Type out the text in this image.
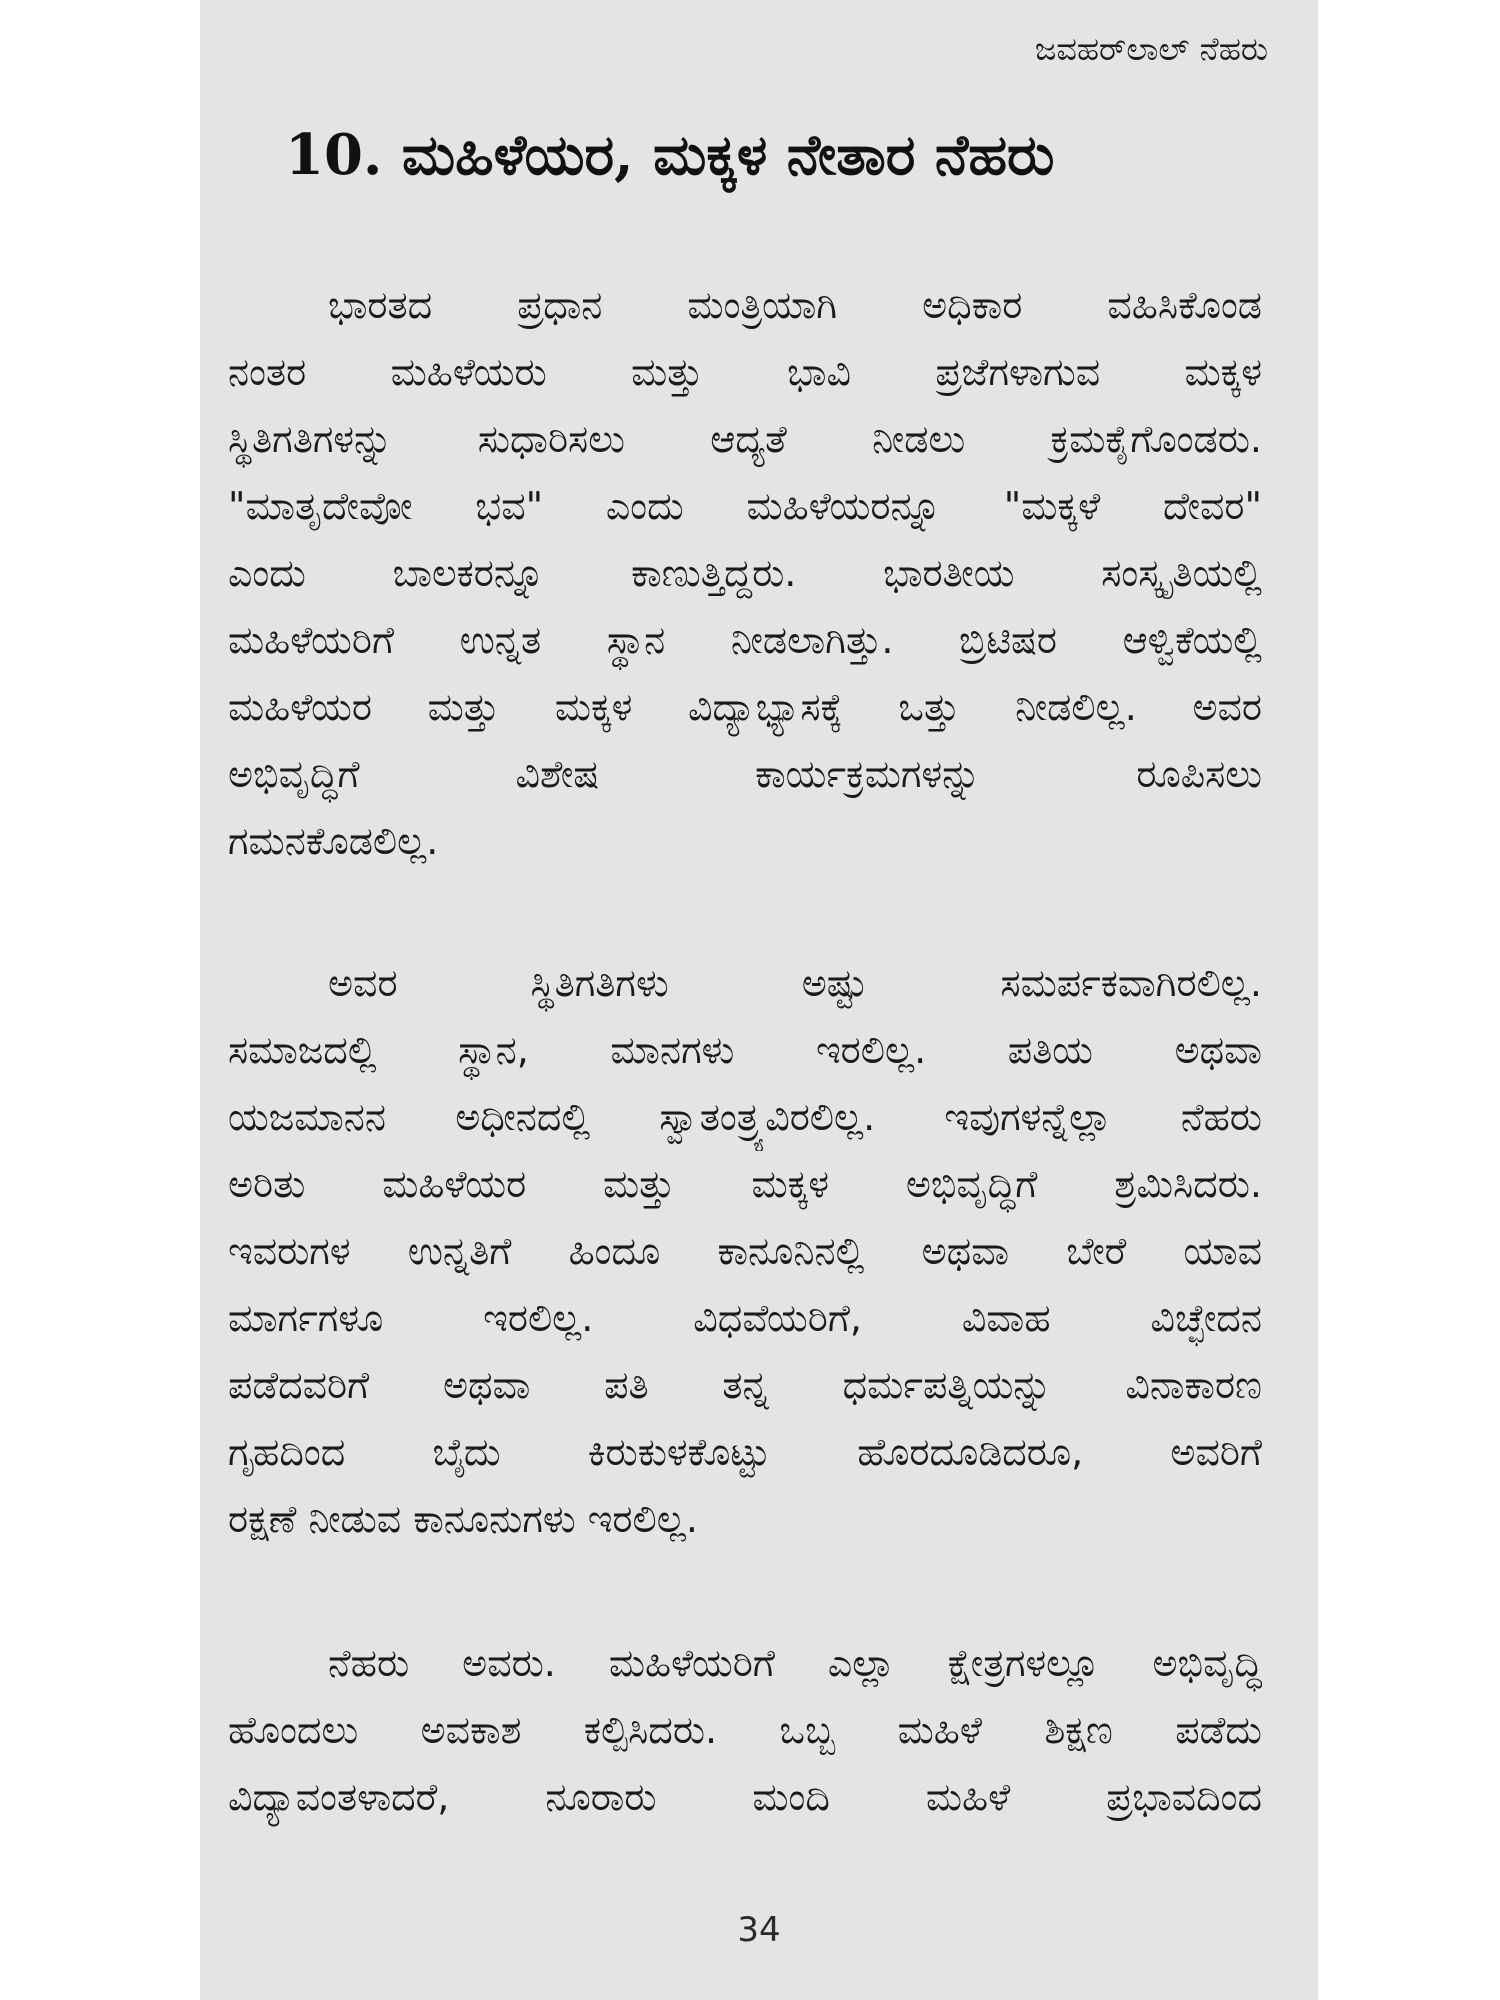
ಜವಹರ್‌ಲಾಲ್ ನೆಹರು
10. ಮಹಿಳೆಯರ, ಮಕ್ಕಳ ನೇತಾರ ನೆಹರು
ಭಾರತದ ಪ್ರಧಾನ ಮಂತ್ರಿಯಾಗಿ ಅಧಿಕಾರ ವಹಿಸಿಕೊಂಡ
ನಂತರ ಮಹಿಳೆಯರು ಮತ್ತು ಭಾವಿ ಪ್ರಜೆಗಳಾಗುವ ಮಕ್ಕಳ
ಸ್ಥಿತಿಗತಿಗಳನ್ನು ಸುಧಾರಿಸಲು ಆದ್ಯತೆ ನೀಡಲು ಕ್ರಮಕೈಗೊಂಡರು.
"ಮಾತೃದೇವೋ ಭವ" ಎಂದು ಮಹಿಳೆಯರನ್ನೂ "ಮಕ್ಕಳೆ ದೇವರ"
ಎಂದು ಬಾಲಕರನ್ನೂ ಕಾಣುತ್ತಿದ್ದರು. ಭಾರತೀಯ ಸಂಸ್ಕೃತಿಯಲ್ಲಿ
ಮಹಿಳೆಯರಿಗೆ ಉನ್ನತ ಸ್ಥಾನ ನೀಡಲಾಗಿತ್ತು. ಬ್ರಿಟಿಷರ ಆಳ್ವಿಕೆಯಲ್ಲಿ
ಮಹಿಳೆಯರ ಮತ್ತು ಮಕ್ಕಳ ವಿದ್ಯಾಭ್ಯಾಸಕ್ಕೆ ಒತ್ತು ನೀಡಲಿಲ್ಲ. ಅವರ
ಅಭಿವೃದ್ಧಿಗೆ ವಿಶೇಷ ಕಾರ್ಯಕ್ರಮಗಳನ್ನು ರೂಪಿಸಲು
ಗಮನಕೊಡಲಿಲ್ಲ.
ಅವರ ಸ್ಥಿತಿಗತಿಗಳು ಅಷ್ಟು ಸಮರ್ಪಕವಾಗಿರಲಿಲ್ಲ.
ಸಮಾಜದಲ್ಲಿ ಸ್ಥಾನ, ಮಾನಗಳು ಇರಲಿಲ್ಲ. ಪತಿಯ ಅಥವಾ
ಯಜಮಾನನ ಅಧೀನದಲ್ಲಿ ಸ್ವಾತಂತ್ರ್ಯವಿರಲಿಲ್ಲ. ಇವುಗಳನ್ನೆಲ್ಲಾ ನೆಹರು
ಅರಿತು ಮಹಿಳೆಯರ ಮತ್ತು ಮಕ್ಕಳ ಅಭಿವೃದ್ಧಿಗೆ ಶ್ರಮಿಸಿದರು.
ಇವರುಗಳ ಉನ್ನತಿಗೆ ಹಿಂದೂ ಕಾನೂನಿನಲ್ಲಿ ಅಥವಾ ಬೇರೆ ಯಾವ
ಮಾರ್ಗಗಳೂ ಇರಲಿಲ್ಲ. ವಿಧವೆಯರಿಗೆ, ವಿವಾಹ ವಿಚ್ಛೇದನ
ಪಡೆದವರಿಗೆ ಅಥವಾ ಪತಿ ತನ್ನ ಧರ್ಮಪತ್ನಿಯನ್ನು ವಿನಾಕಾರಣ
ಗೃಹದಿಂದ ಬೈದು ಕಿರುಕುಳಕೊಟ್ಟು ಹೊರದೂಡಿದರೂ, ಅವರಿಗೆ
ರಕ್ಷಣೆ ನೀಡುವ ಕಾನೂನುಗಳು ಇರಲಿಲ್ಲ.
ನೆಹರು ಅವರು. ಮಹಿಳೆಯರಿಗೆ ಎಲ್ಲಾ ಕ್ಷೇತ್ರಗಳಲ್ಲೂ ಅಭಿವೃದ್ಧಿ
ಹೊಂದಲು ಅವಕಾಶ ಕಲ್ಪಿಸಿದರು. ಒಬ್ಬ ಮಹಿಳೆ ಶಿಕ್ಷಣ ಪಡೆದು
ವಿದ್ಯಾವಂತಳಾದರೆ, ನೂರಾರು ಮಂದಿ ಮಹಿಳೆ ಪ್ರಭಾವದಿಂದ
34
